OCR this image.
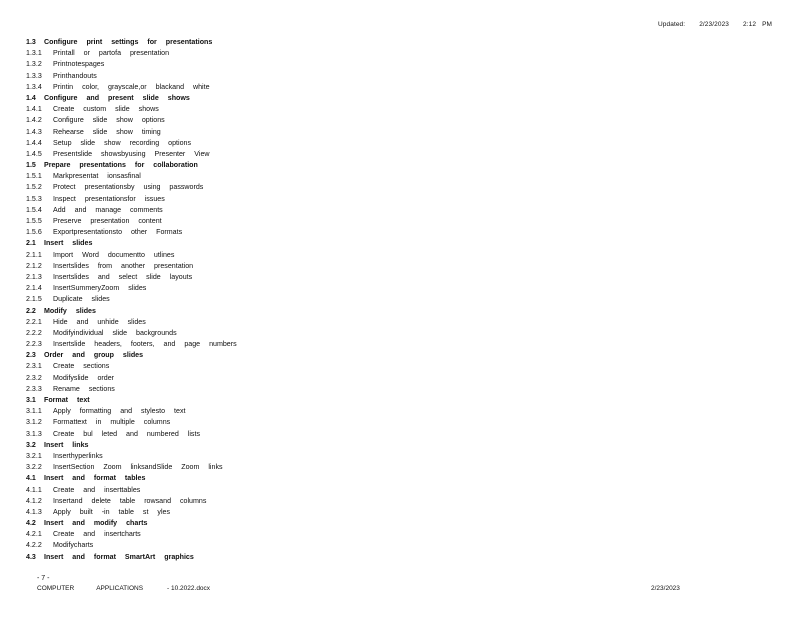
Updated: 2/23/2023 2:12 PM
1.3 Configure print settings for presentations
1.3.1 Printall or partofa presentation
1.3.2 Printnotespages
1.3.3 Printhandouts
1.3.4 Printin color, grayscale,or blackand white
1.4 Configure and present slide shows
1.4.1 Create custom slide shows
1.4.2 Configure slide show options
1.4.3 Rehearse slide show timing
1.4.4 Setup slide show recording options
1.4.5 Presentslide showsbyusing Presenter View
1.5 Prepare presentations for collaboration
1.5.1 Markpresentat ionsasfinal
1.5.2 Protect presentationsby using passwords
1.5.3 Inspect presentationsfor issues
1.5.4 Add and manage comments
1.5.5 Preserve presentation content
1.5.6 Exportpresentationsto other Formats
2.1 Insert slides
2.1.1 Import Word documentto utlines
2.1.2 Insertslides from another presentation
2.1.3 Insertslides and select slide layouts
2.1.4 InsertSummeryZoom slides
2.1.5 Duplicate slides
2.2 Modify slides
2.2.1 Hide and unhide slides
2.2.2 Modifyindividual slide backgrounds
2.2.3 Insertslide headers, footers, and page numbers
2.3 Order and group slides
2.3.1 Create sections
2.3.2 Modifyslide order
2.3.3 Rename sections
3.1 Format text
3.1.1 Apply formatting and stylesto text
3.1.2 Formattext in multiple columns
3.1.3 Create bul leted and numbered lists
3.2 Insert links
3.2.1 Inserthyperlinks
3.2.2 InsertSection Zoom linksandSlide Zoom links
4.1 Insert and format tables
4.1.1 Create and inserttables
4.1.2 Insertand delete table rowsand columns
4.1.3 Apply built -in table st yles
4.2 Insert and modify charts
4.2.1 Create and insertcharts
4.2.2 Modifycharts
4.3 Insert and format SmartArt graphics
- 7 -
COMPUTER	APPLICATIONS	- 10.2022.docx	2/23/2023
